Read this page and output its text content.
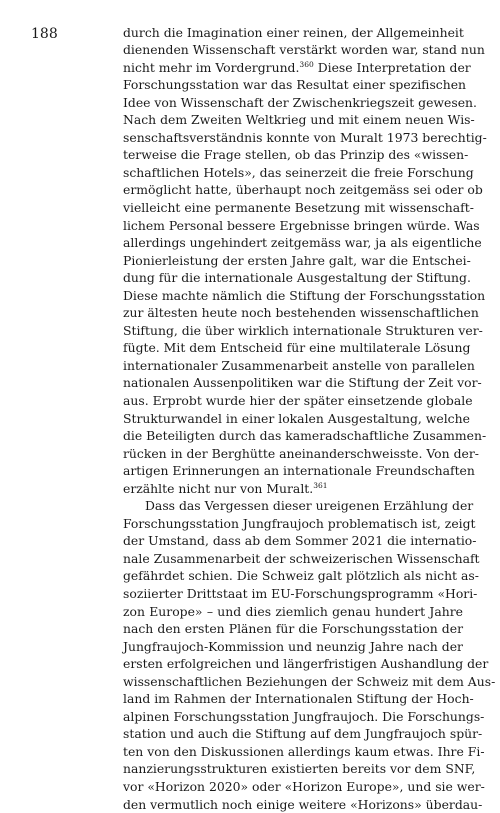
188	durch die Imagination einer reinen, der Allgemeinheit
dienenden Wissenschaft verstärkt worden war, stand nun
nicht mehr im Vordergrund.$^{360}$ Diese Interpretation der
Forschungsstation war das Resultat einer spezifischen
Idee von Wissenschaft der Zwischenkriegszeit gewesen.
Nach dem Zweiten Weltkrieg und mit einem neuen Wis-
senschaftsverständnis konnte von Muralt 1973 berechtig-
terweise die Frage stellen, ob das Prinzip des «wissen-
schaftlichen Hotels», das seinerzeit die freie Forschung
ermöglicht hatte, überhaupt noch zeitgemäss sei oder ob
vielleicht eine permanente Besetzung mit wissenschaft-
lichem Personal bessere Ergebnisse bringen würde. Was
allerdings ungehindert zeitgemäss war, ja als eigentliche
Pionierleistung der ersten Jahre galt, war die Entschei-
dung für die internationale Ausgestaltung der Stiftung.
Diese machte nämlich die Stiftung der Forschungsstation
zur ältesten heute noch bestehenden wissenschaftlichen
Stiftung, die über wirklich internationale Strukturen ver-
fügte. Mit dem Entscheid für eine multilaterale Lösung
internationaler Zusammenarbeit anstelle von parallelen
nationalen Aussenpolitiken war die Stiftung der Zeit vor-
aus. Erprobt wurde hier der später einsetzende globale
Strukturwandel in einer lokalen Ausgestaltung, welche
die Beteiligten durch das kameradschaftliche Zusammen-
rücken in der Berghütte aneinanderschweisste. Von der-
artigen Erinnerungen an internationale Freundschaften
erzählte nicht nur von Muralt.$^{361}$
Dass das Vergessen dieser ureigenen Erzählung der
Forschungsstation Jungfraujoch problematisch ist, zeigt
der Umstand, dass ab dem Sommer 2021 die internatio-
nale Zusammenarbeit der schweizerischen Wissenschaft
gefährdet schien. Die Schweiz galt plötzlich als nicht as-
soziierter Drittstaat im EU-Forschungsprogramm «Hori-
zon Europe» – und dies ziemlich genau hundert Jahre
nach den ersten Plänen für die Forschungsstation der
Jungfraujoch-Kommission und neunzig Jahre nach der
ersten erfolgreichen und längerfristigen Aushandlung der
wissenschaftlichen Beziehungen der Schweiz mit dem Aus-
land im Rahmen der Internationalen Stiftung der Hoch-
alpinen Forschungsstation Jungfraujoch. Die Forschungs-
station und auch die Stiftung auf dem Jungfraujoch spür-
ten von den Diskussionen allerdings kaum etwas. Ihre Fi-
nanzierungsstrukturen existierten bereits vor dem SNF,
vor «Horizon 2020» oder «Horizon Europe», und sie wer-
den vermutlich noch einige weitere «Horizons» überdau-
